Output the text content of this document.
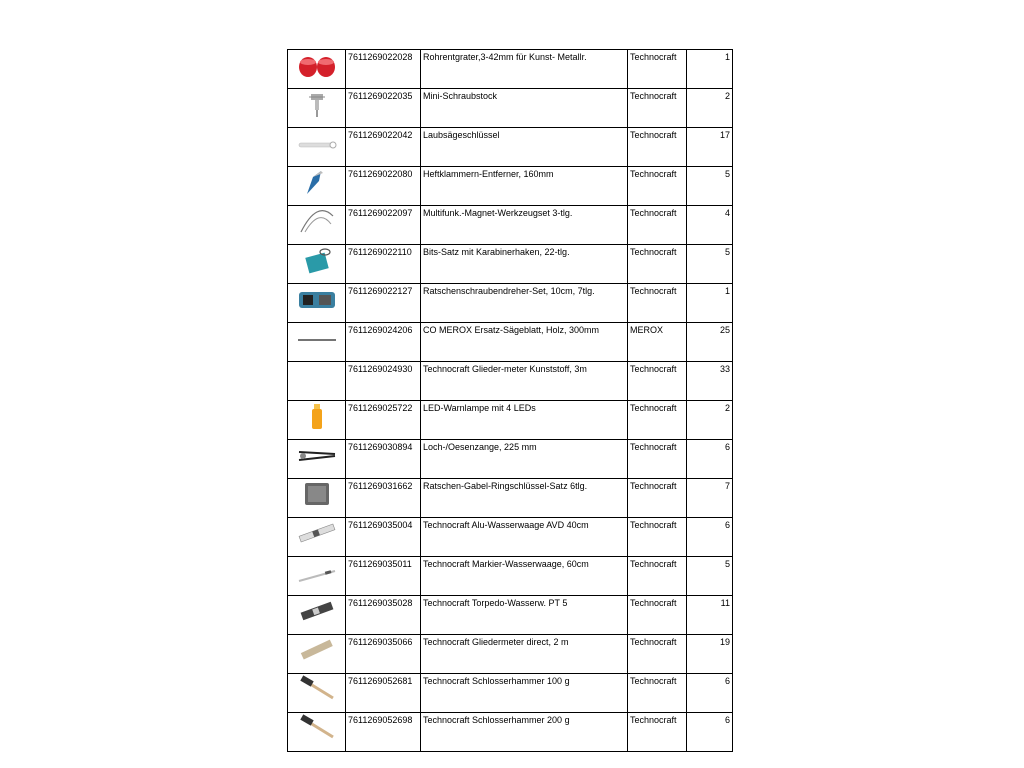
	7611269022028	Rohrentgrater,3-42mm für Kunst- Metallr.	Technocraft	1

	7611269022035	Mini-Schraubstock	Technocraft	2

	7611269022042	Laubsägeschlüssel	Technocraft	17

	7611269022080	Heftklammern-Entferner, 160mm	Technocraft	5

	7611269022097	Multifunk.-Magnet-Werkzeugset 3-tlg.	Technocraft	4

	7611269022110	Bits-Satz mit Karabinerhaken, 22-tlg.	Technocraft	5

	7611269022127	Ratschenschraubendreher-Set, 10cm, 7tlg.	Technocraft	1

	7611269024206	CO MEROX Ersatz-Sägeblatt, Holz, 300mm	MEROX	25
	7611269024930	Technocraft Glieder-meter Kunststoff, 3m	Technocraft	33

	7611269025722	LED-Warnlampe mit 4 LEDs	Technocraft	2

	7611269030894	Loch-/Oesenzange, 225 mm	Technocraft	6

	7611269031662	Ratschen-Gabel-Ringschlüssel-Satz 6tlg.	Technocraft	7

	7611269035004	Technocraft Alu-Wasserwaage AVD 40cm	Technocraft	6

	7611269035011	Technocraft Markier-Wasserwaage, 60cm	Technocraft	5

	7611269035028	Technocraft Torpedo-Wasserw. PT 5	Technocraft	11

	7611269035066	Technocraft Gliedermeter direct, 2 m	Technocraft	19

	7611269052681	Technocraft Schlosserhammer 100 g	Technocraft	6

	7611269052698	Technocraft Schlosserhammer 200 g	Technocraft	6
